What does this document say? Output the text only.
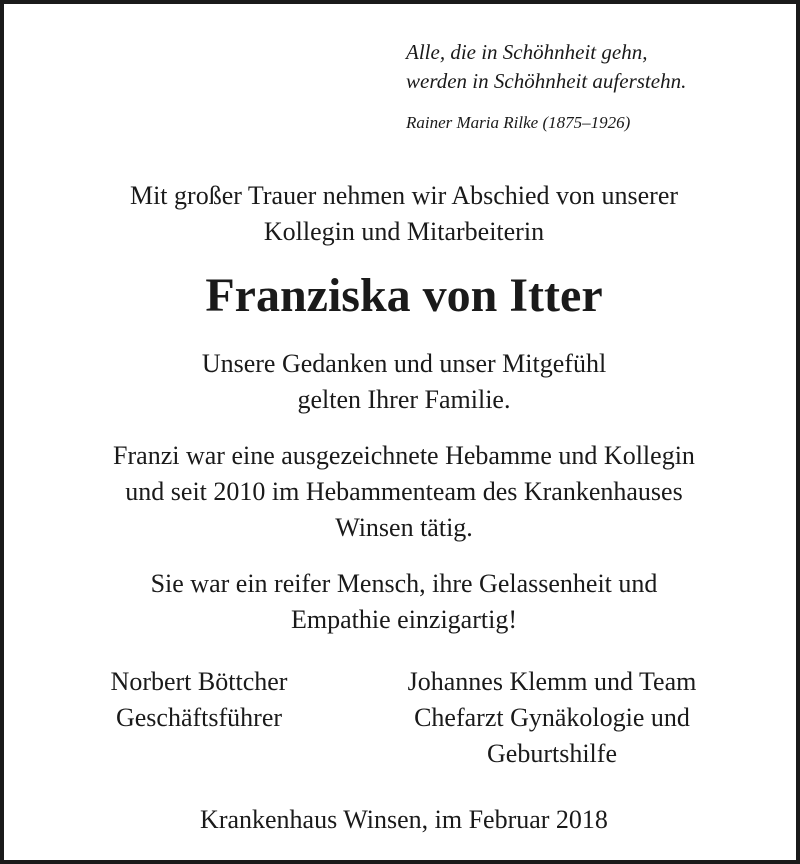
Alle, die in Schöhnheit gehn,
werden in Schöhnheit auferstehn.
Rainer Maria Rilke (1875–1926)
Mit großer Trauer nehmen wir Abschied von unserer
Kollegin und Mitarbeiterin
Franziska von Itter
Unsere Gedanken und unser Mitgefühl
gelten Ihrer Familie.
Franzi war eine ausgezeichnete Hebamme und Kollegin
und seit 2010 im Hebammenteam des Krankenhauses
Winsen tätig.
Sie war ein reifer Mensch, ihre Gelassenheit und
Empathie einzigartig!
Norbert Böttcher
Geschäftsführer
Johannes Klemm und Team
Chefarzt Gynäkologie und
Geburtshilfe
Krankenhaus Winsen, im Februar 2018
